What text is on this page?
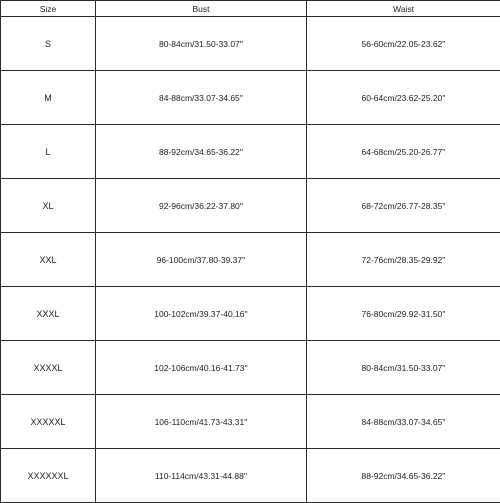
Size	Bust	Waist
S	80-84cm/31.50-33.07''	56-60cm/22.05-23.62''
M	84-88cm/33.07-34.65''	60-64cm/23.62-25.20''
L	88-92cm/34.65-36.22''	64-68cm/25.20-26.77''
XL	92-96cm/36.22-37.80''	68-72cm/26.77-28.35''
XXL	96-100cm/37.80-39.37''	72-76cm/28.35-29.92''
XXXL	100-102cm/39.37-40.16''	76-80cm/29.92-31.50''
XXXXL	102-106cm/40.16-41.73''	80-84cm/31.50-33.07''
XXXXXL	106-110cm/41.73-43.31''	84-88cm/33.07-34.65''
XXXXXXL	110-114cm/43.31-44.88''	88-92cm/34.65-36.22''
